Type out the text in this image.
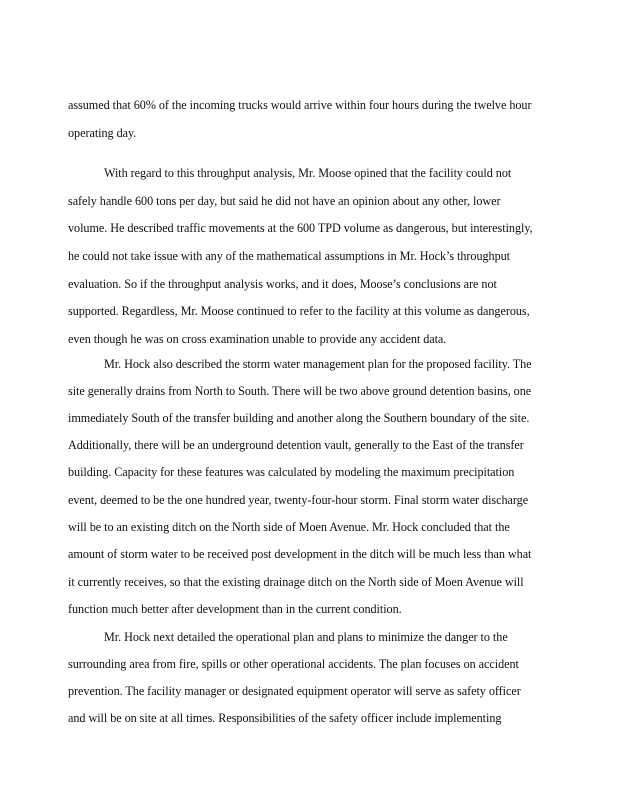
assumed that 60% of the incoming trucks would arrive within four hours during the twelve hour
operating day.
With regard to this throughput analysis, Mr. Moose opined that the facility could not
safely handle 600 tons per day, but said he did not have an opinion about any other, lower
volume. He described traffic movements at the 600 TPD volume as dangerous, but interestingly,
he could not take issue with any of the mathematical assumptions in Mr. Hock’s throughput
evaluation. So if the throughput analysis works, and it does, Moose’s conclusions are not
supported. Regardless, Mr. Moose continued to refer to the facility at this volume as dangerous,
even though he was on cross examination unable to provide any accident data.
Mr. Hock also described the storm water management plan for the proposed facility. The
site generally drains from North to South. There will be two above ground detention basins, one
immediately South of the transfer building and another along the Southern boundary of the site.
Additionally, there will be an underground detention vault, generally to the East of the transfer
building. Capacity for these features was calculated by modeling the maximum precipitation
event, deemed to be the one hundred year, twenty-four-hour storm. Final storm water discharge
will be to an existing ditch on the North side of Moen Avenue. Mr. Hock concluded that the
amount of storm water to be received post development in the ditch will be much less than what
it currently receives, so that the existing drainage ditch on the North side of Moen Avenue will
function much better after development than in the current condition.
Mr. Hock next detailed the operational plan and plans to minimize the danger to the
surrounding area from fire, spills or other operational accidents. The plan focuses on accident
prevention. The facility manager or designated equipment operator will serve as safety officer
and will be on site at all times. Responsibilities of the safety officer include implementing
